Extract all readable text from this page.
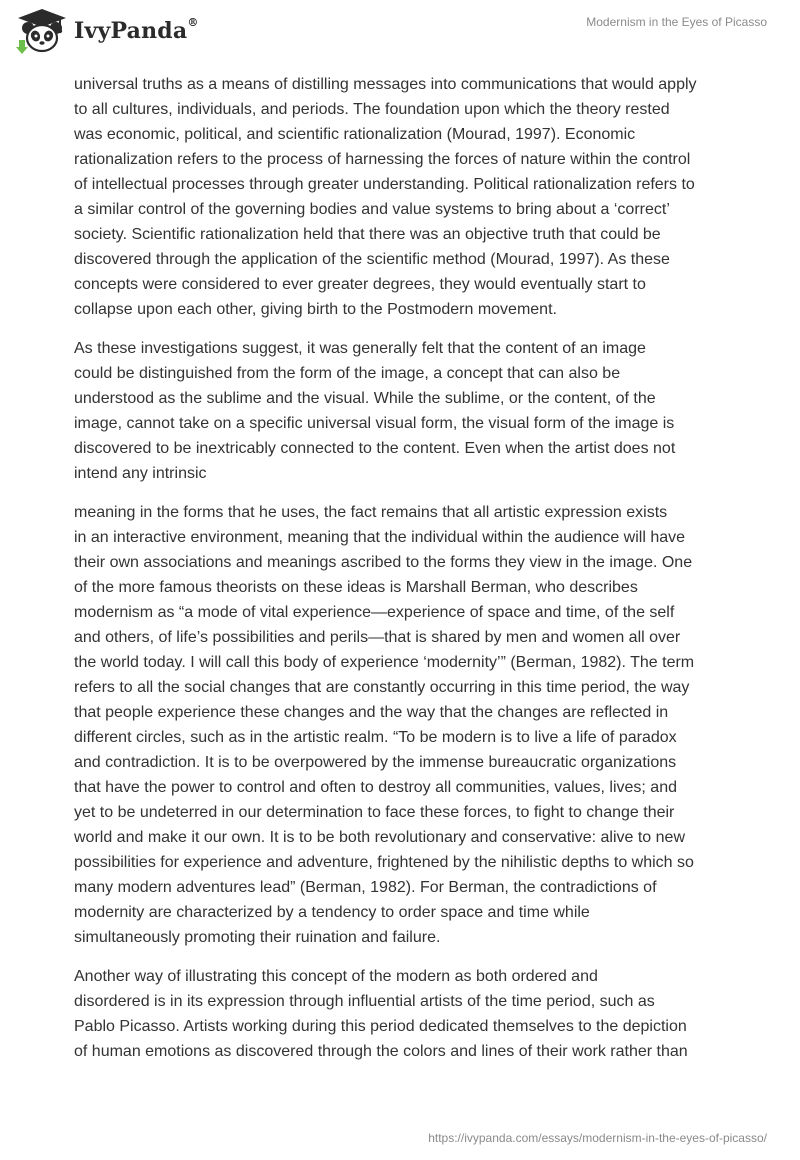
IvyPanda®	Modernism in the Eyes of Picasso

universal truths as a means of distilling messages into communications that would apply
to all cultures, individuals, and periods. The foundation upon which the theory rested
was economic, political, and scientific rationalization (Mourad, 1997). Economic
rationalization refers to the process of harnessing the forces of nature within the control
of intellectual processes through greater understanding. Political rationalization refers to
a similar control of the governing bodies and value systems to bring about a ‘correct’
society. Scientific rationalization held that there was an objective truth that could be
discovered through the application of the scientific method (Mourad, 1997). As these
concepts were considered to ever greater degrees, they would eventually start to
collapse upon each other, giving birth to the Postmodern movement.

As these investigations suggest, it was generally felt that the content of an image
could be distinguished from the form of the image, a concept that can also be
understood as the sublime and the visual. While the sublime, or the content, of the
image, cannot take on a specific universal visual form, the visual form of the image is
discovered to be inextricably connected to the content. Even when the artist does not
intend any intrinsic

meaning in the forms that he uses, the fact remains that all artistic expression exists
in an interactive environment, meaning that the individual within the audience will have
their own associations and meanings ascribed to the forms they view in the image. One
of the more famous theorists on these ideas is Marshall Berman, who describes
modernism as “a mode of vital experience—experience of space and time, of the self
and others, of life’s possibilities and perils—that is shared by men and women all over
the world today. I will call this body of experience ‘modernity’” (Berman, 1982). The term
refers to all the social changes that are constantly occurring in this time period, the way
that people experience these changes and the way that the changes are reflected in
different circles, such as in the artistic realm. “To be modern is to live a life of paradox
and contradiction. It is to be overpowered by the immense bureaucratic organizations
that have the power to control and often to destroy all communities, values, lives; and
yet to be undeterred in our determination to face these forces, to fight to change their
world and make it our own. It is to be both revolutionary and conservative: alive to new
possibilities for experience and adventure, frightened by the nihilistic depths to which so
many modern adventures lead” (Berman, 1982). For Berman, the contradictions of
modernity are characterized by a tendency to order space and time while
simultaneously promoting their ruination and failure.

Another way of illustrating this concept of the modern as both ordered and
disordered is in its expression through influential artists of the time period, such as
Pablo Picasso. Artists working during this period dedicated themselves to the depiction
of human emotions as discovered through the colors and lines of their work rather than

https://ivypanda.com/essays/modernism-in-the-eyes-of-picasso/
